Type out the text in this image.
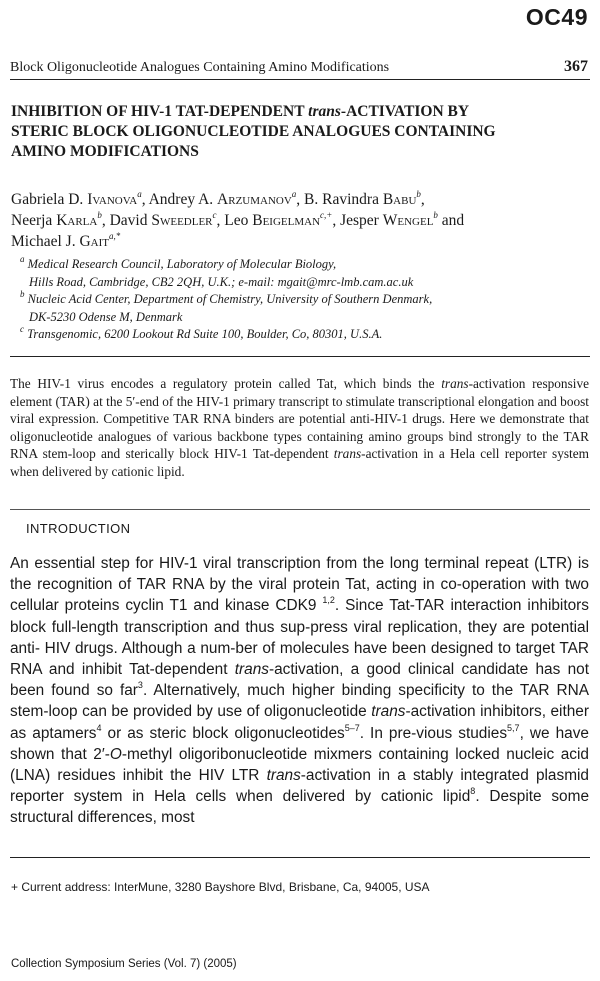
OC49
Block Oligonucleotide Analogues Containing Amino Modifications	367
INHIBITION OF HIV-1 TAT-DEPENDENT trans-ACTIVATION BY
STERIC BLOCK OLIGONUCLEOTIDE ANALOGUES CONTAINING
AMINO MODIFICATIONS
Gabriela D. Ivanova$^a$, Andrey A. Arzumanov$^a$, B. Ravindra Babu$^b$,
Neerja Karla$^b$, David Sweedler$^c$, Leo Beigelman$^{c,+}$, Jesper Wengel$^b$ and
Michael J. Gait$^{a,*}$
$^a$ Medical Research Council, Laboratory of Molecular Biology,
Hills Road, Cambridge, CB2 2QH, U.K.; e-mail: mgait@mrc-lmb.cam.ac.uk
$^b$ Nucleic Acid Center, Department of Chemistry, University of Southern Denmark,
DK-5230 Odense M, Denmark
$^c$ Transgenomic, 6200 Lookout Rd Suite 100, Boulder, Co, 80301, U.S.A.
The HIV-1 virus encodes a regulatory protein called Tat, which binds the trans-activation responsive element (TAR) at the 5′-end of the HIV-1 primary transcript to stimulate transcriptional elongation and boost viral expression. Competitive TAR RNA binders are potential anti-HIV-1 drugs. Here we demonstrate that oligonucleotide analogues of various backbone types containing amino groups bind strongly to the TAR RNA stem-loop and sterically block HIV-1 Tat-dependent trans-activation in a Hela cell reporter system when delivered by cationic lipid.
INTRODUCTION
An essential step for HIV-1 viral transcription from the long terminal repeat (LTR) is the recognition of TAR RNA by the viral protein Tat, acting in co-operation with two cellular proteins cyclin T1 and kinase CDK9 $^{1,2}$. Since Tat-TAR interaction inhibitors block full-length transcription and thus sup-press viral replication, they are potential anti- HIV drugs. Although a num-ber of molecules have been designed to target TAR RNA and inhibit Tat-dependent trans-activation, a good clinical candidate has not been found so far$^3$. Alternatively, much higher binding specificity to the TAR RNA stem-loop can be provided by use of oligonucleotide trans-activation inhibitors, either as aptamers$^4$ or as steric block oligonucleotides$^{5-7}$. In pre-vious studies$^{5,7}$, we have shown that 2′-O-methyl oligoribonucleotide mixmers containing locked nucleic acid (LNA) residues inhibit the HIV LTR trans-activation in a stably integrated plasmid reporter system in Hela cells when delivered by cationic lipid$^8$. Despite some structural differences, most
+ Current address: InterMune, 3280 Bayshore Blvd, Brisbane, Ca, 94005, USA
Collection Symposium Series (Vol. 7) (2005)
